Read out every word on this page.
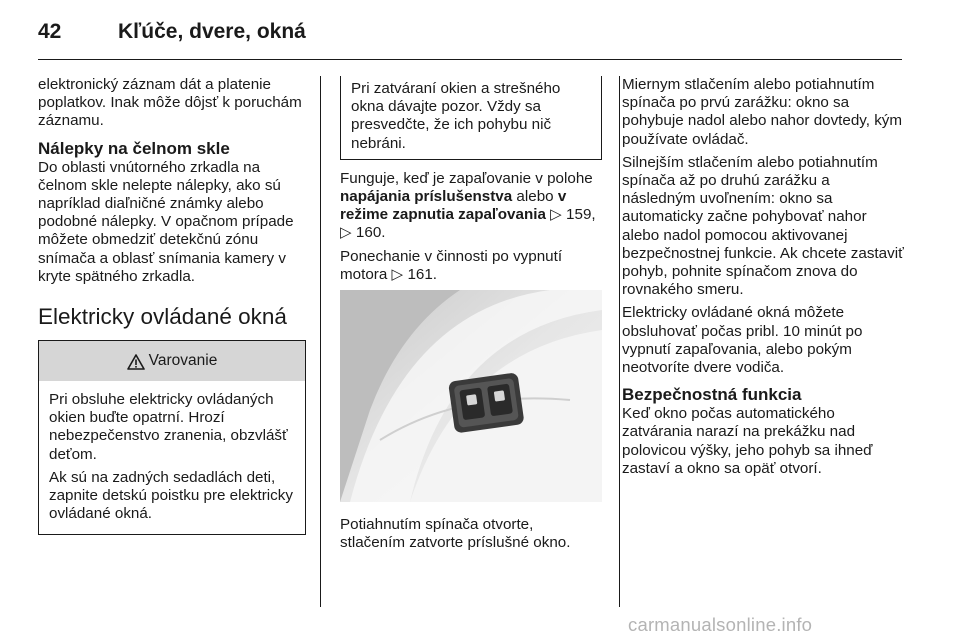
42	Kľúče, dvere, okná

elektronický záznam dát a platenie poplatkov. Inak môže dôjsť k poruchám záznamu.

Nálepky na čelnom skle

Do oblasti vnútorného zrkadla na čelnom skle nelepte nálepky, ako sú napríklad diaľničné známky alebo podobné nálepky. V opačnom prípade môžete obmedziť detekčnú zónu snímača a oblasť snímania kamery v kryte spätného zrkadla.

Elektricky ovládané okná
Varovanie

Pri obsluhe elektricky ovládaných okien buďte opatrní. Hrozí nebezpečenstvo zranenia, obzvlášť deťom.

Ak sú na zadných sedadlách deti, zapnite detskú poistku pre elektricky ovládané okná.

Pri zatváraní okien a strešného okna dávajte pozor. Vždy sa presvedčte, že ich pohybu nič nebráni.

Funguje, keď je zapaľovanie v polohe napájania príslušenstva alebo v režime zapnutia zapaľovania ▷ 159, ▷ 160.

Ponechanie v činnosti po vypnutí motora ▷ 161.

Potiahnutím spínača otvorte, stlačením zatvorte príslušné okno.

Miernym stlačením alebo potiahnutím spínača po prvú zarážku: okno sa pohybuje nadol alebo nahor dovtedy, kým používate ovládač.

Silnejším stlačením alebo potiahnutím spínača až po druhú zarážku a následným uvoľnením: okno sa automaticky začne pohybovať nahor alebo nadol pomocou aktivovanej bezpečnostnej funkcie. Ak chcete zastaviť pohyb, pohnite spínačom znova do rovnakého smeru.

Elektricky ovládané okná môžete obsluhovať počas pribl. 10 minút po vypnutí zapaľovania, alebo pokým neotvoríte dvere vodiča.

Bezpečnostná funkcia

Keď okno počas automatického zatvárania narazí na prekážku nad polovicou výšky, jeho pohyb sa ihneď zastaví a okno sa opäť otvorí.

carmanualsonline.info
